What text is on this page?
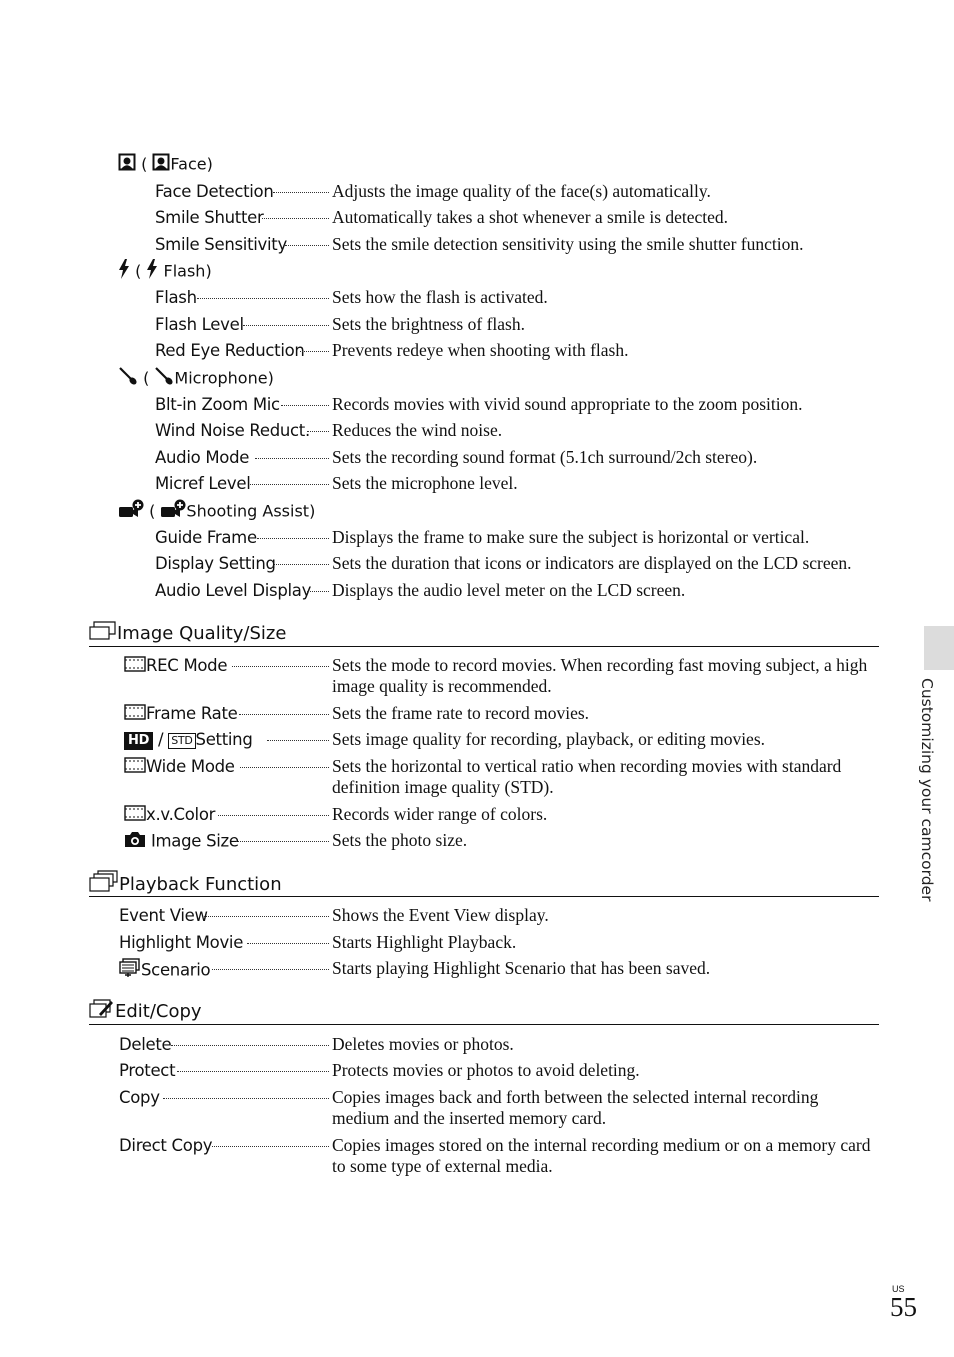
( Face)
Face Detection	Adjusts the image quality of the face(s) automatically.
Smile Shutter	Automatically takes a shot whenever a smile is detected.
Smile Sensitivity	Sets the smile detection sensitivity using the smile shutter function.
(  Flash)
Flash	Sets how the flash is activated.
Flash Level	Sets the brightness of flash.
Red Eye Reduction Prevents redeye when shooting with flash.
( Microphone)
Blt-in Zoom Mic	Records movies with vivid sound appropriate to the zoom position.
Wind Noise Reduct. Reduces the wind noise.
Audio Mode	Sets the recording sound format (5.1ch surround/2ch stereo).
Micref Level	Sets the microphone level.
( Shooting Assist)
Guide Frame	Displays the frame to make sure the subject is horizontal or vertical.
Display Setting	Sets the duration that icons or indicators are displayed on the LCD screen.
Audio Level Display Displays the audio level meter on the LCD screen.
Image Quality/Size
REC Mode	Sets the mode to record movies. When recording fast moving subject, a high image quality is recommended.
Frame Rate	Sets the frame rate to record movies.
HD / STD Setting	Sets image quality for recording, playback, or editing movies.
Wide Mode	Sets the horizontal to vertical ratio when recording movies with standard definition image quality (STD).
x.v.Color	Records wider range of colors.
Image Size	Sets the photo size.
Playback Function
Event View	Shows the Event View display.
Highlight Movie	Starts Highlight Playback.
Scenario	Starts playing Highlight Scenario that has been saved.
Edit/Copy
Delete	Deletes movies or photos.
Protect	Protects movies or photos to avoid deleting.
Copy	Copies images back and forth between the selected internal recording medium and the inserted memory card.
Direct Copy	Copies images stored on the internal recording medium or on a memory card to some type of external media.
Customizing your camcorder
US
55
